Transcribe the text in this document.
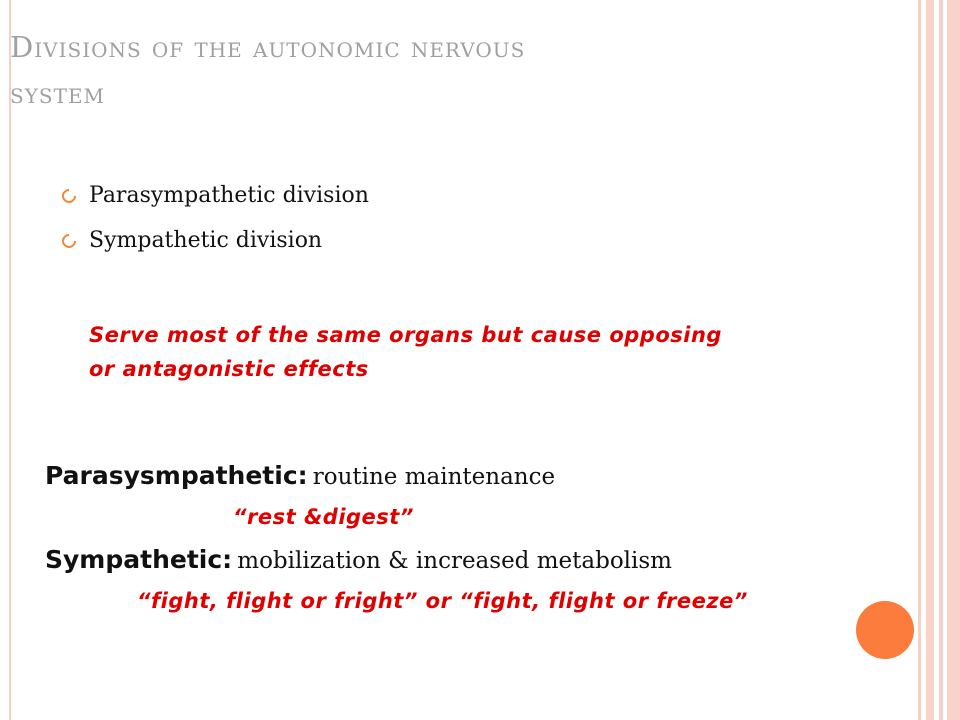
Divisions of the autonomic nervous
system
Parasympathetic division
Sympathetic division
Serve most of the same organs but cause opposing
or antagonistic effects
Parasysmpathetic: routine maintenance
“rest &digest”
Sympathetic: mobilization & increased metabolism
“fight, flight or fright” or “fight, flight or freeze”
